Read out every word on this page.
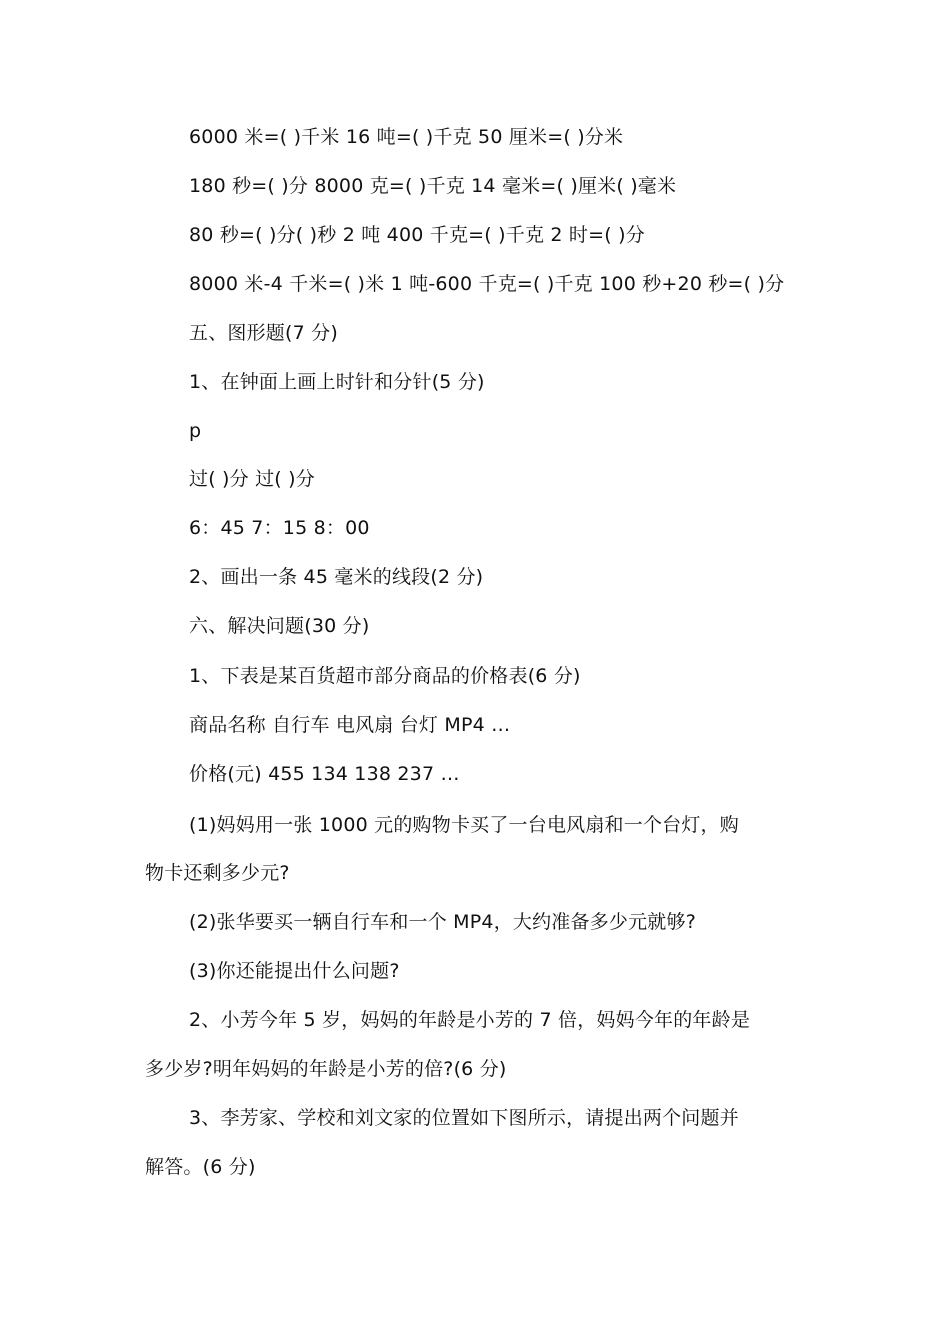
6000 米=( )千米 16 吨=( )千克 50 厘米=( )分米
180 秒=( )分 8000 克=( )千克 14 毫米=( )厘米( )毫米
80 秒=( )分( )秒 2 吨 400 千克=( )千克 2 时=( )分
8000 米-4 千米=( )米 1 吨-600 千克=( )千克 100 秒+20 秒=( )分
五、图形题(7 分)
1、在钟面上画上时针和分针(5 分)
p
过( )分 过( )分
6：45 7：15 8：00
2、画出一条 45 毫米的线段(2 分)
六、解决问题(30 分)
1、下表是某百货超市部分商品的价格表(6 分)
商品名称 自行车 电风扇 台灯 MP4 …
价格(元) 455 134 138 237 …
(1)妈妈用一张 1000 元的购物卡买了一台电风扇和一个台灯，购
物卡还剩多少元?
(2)张华要买一辆自行车和一个 MP4，大约准备多少元就够?
(3)你还能提出什么问题?
2、小芳今年 5 岁，妈妈的年龄是小芳的 7 倍，妈妈今年的年龄是
多少岁?明年妈妈的年龄是小芳的倍?(6 分)
3、李芳家、学校和刘文家的位置如下图所示，请提出两个问题并
解答。(6 分)
